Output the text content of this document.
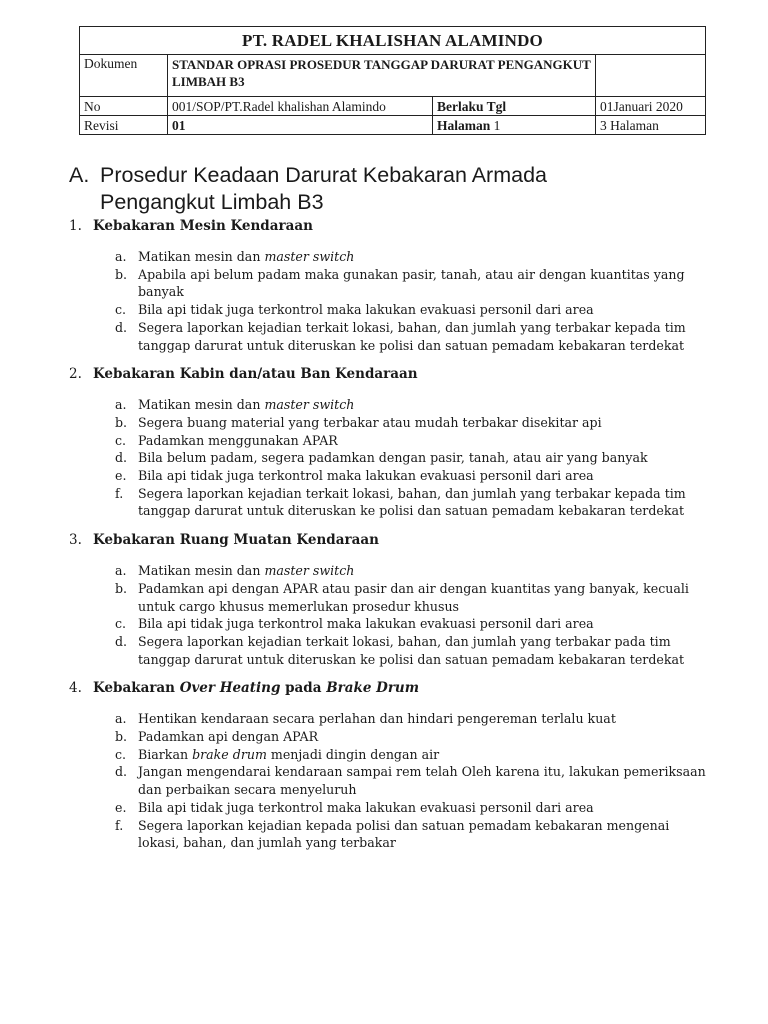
PT. RADEL KHALISHAN ALAMINDO			
Dokumen	STANDAR OPRASI PROSEDUR TANGGAP DARURAT PENGANGKUT LIMBAH B3		
No	001/SOP/PT.Radel khalishan Alamindo	Berlaku Tgl	01Januari 2020
Revisi	01	Halaman 1	3 Halaman
A. Prosedur Keadaan Darurat Kebakaran Armada
Pengangkut Limbah B3
1. Kebakaran Mesin Kendaraan
a. Matikan mesin dan master switch
b. Apabila api belum padam maka gunakan pasir, tanah, atau air dengan kuantitas yang banyak
c. Bila api tidak juga terkontrol maka lakukan evakuasi personil dari area
d. Segera laporkan kejadian terkait lokasi, bahan, dan jumlah yang terbakar kepada tim tanggap darurat untuk diteruskan ke polisi dan satuan pemadam kebakaran terdekat
2. Kebakaran Kabin dan/atau Ban Kendaraan
a. Matikan mesin dan master switch
b. Segera buang material yang terbakar atau mudah terbakar disekitar api
c. Padamkan menggunakan APAR
d. Bila belum padam, segera padamkan dengan pasir, tanah, atau air yang banyak
e. Bila api tidak juga terkontrol maka lakukan evakuasi personil dari area
f.	Segera laporkan kejadian terkait lokasi, bahan, dan jumlah yang terbakar kepada tim tanggap darurat untuk diteruskan ke polisi dan satuan pemadam kebakaran terdekat
3. Kebakaran Ruang Muatan Kendaraan
a. Matikan mesin dan master switch
b. Padamkan api dengan APAR atau pasir dan air dengan kuantitas yang banyak, kecuali untuk cargo khusus memerlukan prosedur khusus
c. Bila api tidak juga terkontrol maka lakukan evakuasi personil dari area
d. Segera laporkan kejadian terkait lokasi, bahan, dan jumlah yang terbakar pada tim tanggap darurat untuk diteruskan ke polisi dan satuan pemadam kebakaran terdekat
4. Kebakaran Over Heating pada Brake Drum
a. Hentikan kendaraan secara perlahan dan hindari pengereman terlalu kuat
b. Padamkan api dengan APAR
c. Biarkan brake drum menjadi dingin dengan air
d. Jangan mengendarai kendaraan sampai rem telah Oleh karena itu, lakukan pemeriksaan dan perbaikan secara menyeluruh
e. Bila api tidak juga terkontrol maka lakukan evakuasi personil dari area
f.	Segera laporkan kejadian kepada polisi dan satuan pemadam kebakaran mengenai lokasi, bahan, dan jumlah yang terbakar
